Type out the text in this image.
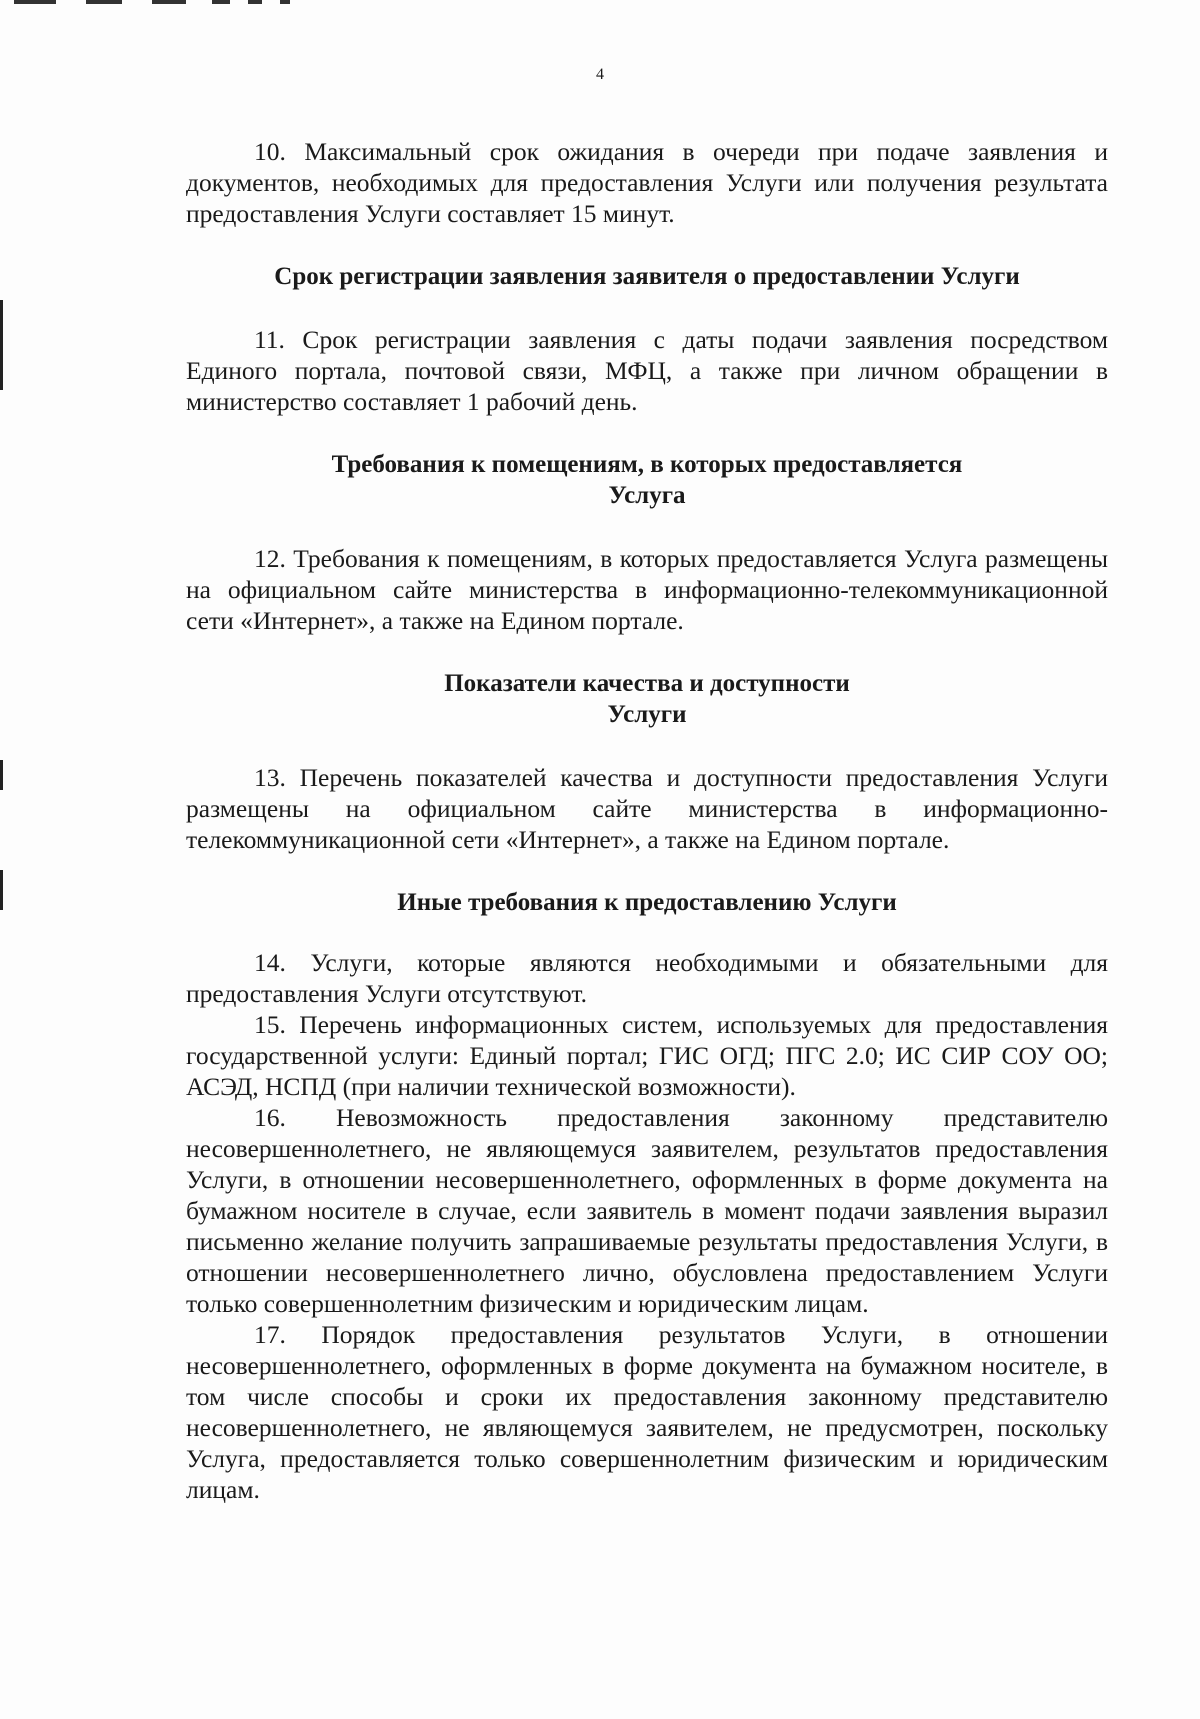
4

10. Максимальный срок ожидания в очереди при подаче заявления и документов, необходимых для предоставления Услуги или получения результата предоставления Услуги составляет 15 минут.

Срок регистрации заявления заявителя о предоставлении Услуги

11. Срок регистрации заявления с даты подачи заявления посредством Единого портала, почтовой связи, МФЦ, а также при личном обращении в министерство составляет 1 рабочий день.

Требования к помещениям, в которых предоставляется
Услуга

12. Требования к помещениям, в которых предоставляется Услуга размещены на официальном сайте министерства в информационно-телекоммуникационной сети «Интернет», а также на Едином портале.

Показатели качества и доступности
Услуги

13. Перечень показателей качества и доступности предоставления Услуги размещены на официальном сайте министерства в информационно-телекоммуникационной сети «Интернет», а также на Едином портале.

Иные требования к предоставлению Услуги

14. Услуги, которые являются необходимыми и обязательными для предоставления Услуги отсутствуют.

15. Перечень информационных систем, используемых для предоставления государственной услуги: Единый портал; ГИС ОГД; ПГС 2.0; ИС СИР СОУ ОО; АСЭД, НСПД (при наличии технической возможности).

16. Невозможность предоставления законному представителю несовершеннолетнего, не являющемуся заявителем, результатов предоставления Услуги, в отношении несовершеннолетнего, оформленных в форме документа на бумажном носителе в случае, если заявитель в момент подачи заявления выразил письменно желание получить запрашиваемые результаты предоставления Услуги, в отношении несовершеннолетнего лично, обусловлена предоставлением Услуги только совершеннолетним физическим и юридическим лицам.

17. Порядок предоставления результатов Услуги, в отношении несовершеннолетнего, оформленных в форме документа на бумажном носителе, в том числе способы и сроки их предоставления законному представителю несовершеннолетнего, не являющемуся заявителем, не предусмотрен, поскольку Услуга, предоставляется только совершеннолетним физическим и юридическим лицам.
